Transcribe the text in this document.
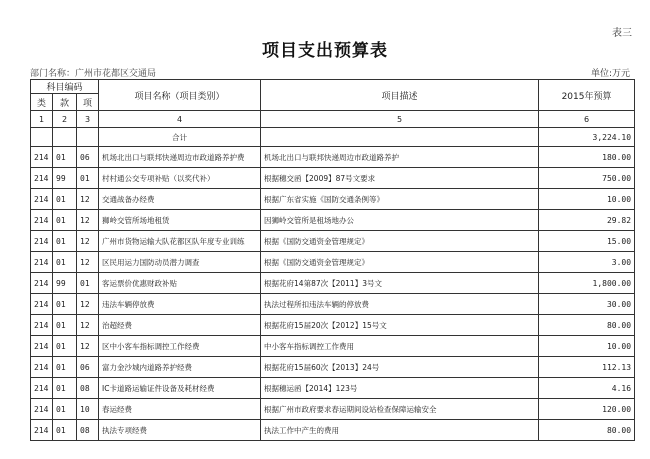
表三
项目支出预算表
部门名称：广州市花都区交通局	单位:万元
科目编码			项目名称（项目类别）	项目描述	2015年预算
类	款	项			
1	2	3	4	5	6
			合计		3,224.10
214	01	06	机场北出口与联邦快递周边市政道路养护费	机场北出口与联邦快递周边市政道路养护	180.00
214	99	01	村村通公交专项补贴（以奖代补）	根据穗交函【2009】87号文要求	750.00
214	01	12	交通战备办经费	根据广东省实施《国防交通条例等》	10.00
214	01	12	狮岭交管所场地租赁	因狮岭交管所是租场地办公	29.82
214	01	12	广州市货物运输大队花都区队年度专业训练	根据《国防交通资金管理规定》	15.00
214	01	12	区民用运力国防动员潜力调查	根据《国防交通资金管理规定》	3.00
214	99	01	客运票价优惠财政补贴	根据花府14第87次【2011】3号文	1,800.00
214	01	12	违法车辆停放费	执法过程所扣违法车辆的停放费	30.00
214	01	12	治超经费	根据花府15届20次【2012】15号文	80.00
214	01	12	区中小客车指标调控工作经费	中小客车指标调控工作费用	10.00
214	01	06	富力金沙城内道路养护经费	根据花府15届60次【2013】24号	112.13
214	01	08	IC卡道路运输证件设备及耗材经费	根据穗运函【2014】123号	4.16
214	01	10	春运经费	根据广州市政府要求春运期间设站检查保障运输安全	120.00
214	01	08	执法专项经费	执法工作中产生的费用	80.00
